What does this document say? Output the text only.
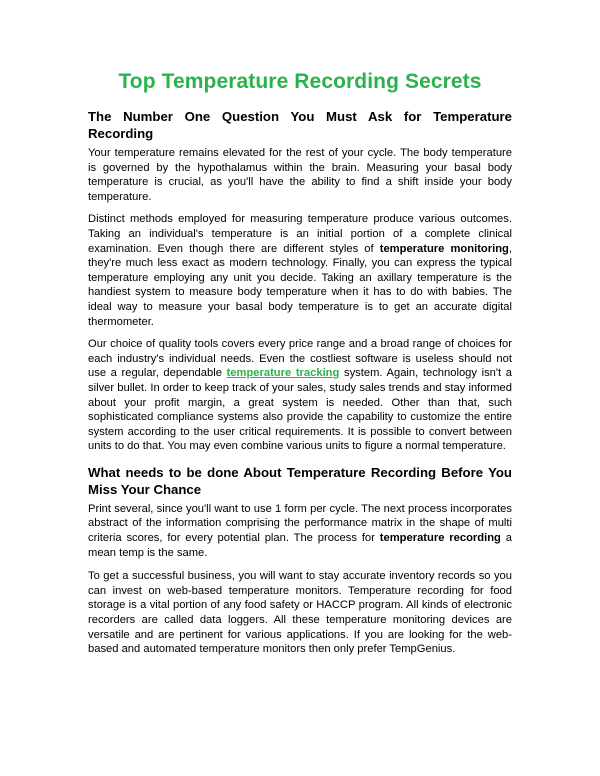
Top Temperature Recording Secrets
The Number One Question You Must Ask for Temperature Recording

Your temperature remains elevated for the rest of your cycle. The body temperature is governed by the hypothalamus within the brain. Measuring your basal body temperature is crucial, as you'll have the ability to find a shift inside your body temperature.

Distinct methods employed for measuring temperature produce various outcomes. Taking an individual's temperature is an initial portion of a complete clinical examination. Even though there are different styles of temperature monitoring, they're much less exact as modern technology. Finally, you can express the typical temperature employing any unit you decide. Taking an axillary temperature is the handiest system to measure body temperature when it has to do with babies. The ideal way to measure your basal body temperature is to get an accurate digital thermometer.

Our choice of quality tools covers every price range and a broad range of choices for each industry's individual needs. Even the costliest software is useless should not use a regular, dependable temperature tracking system. Again, technology isn't a silver bullet. In order to keep track of your sales, study sales trends and stay informed about your profit margin, a great system is needed. Other than that, such sophisticated compliance systems also provide the capability to customize the entire system according to the user critical requirements. It is possible to convert between units to do that. You may even combine various units to figure a normal temperature.

What needs to be done About Temperature Recording Before You Miss Your Chance

Print several, since you'll want to use 1 form per cycle. The next process incorporates abstract of the information comprising the performance matrix in the shape of multi criteria scores, for every potential plan. The process for temperature recording a mean temp is the same.

To get a successful business, you will want to stay accurate inventory records so you can invest on web-based temperature monitors. Temperature recording for food storage is a vital portion of any food safety or HACCP program. All kinds of electronic recorders are called data loggers. All these temperature monitoring devices are versatile and are pertinent for various applications. If you are looking for the web-based and automated temperature monitors then only prefer TempGenius.
